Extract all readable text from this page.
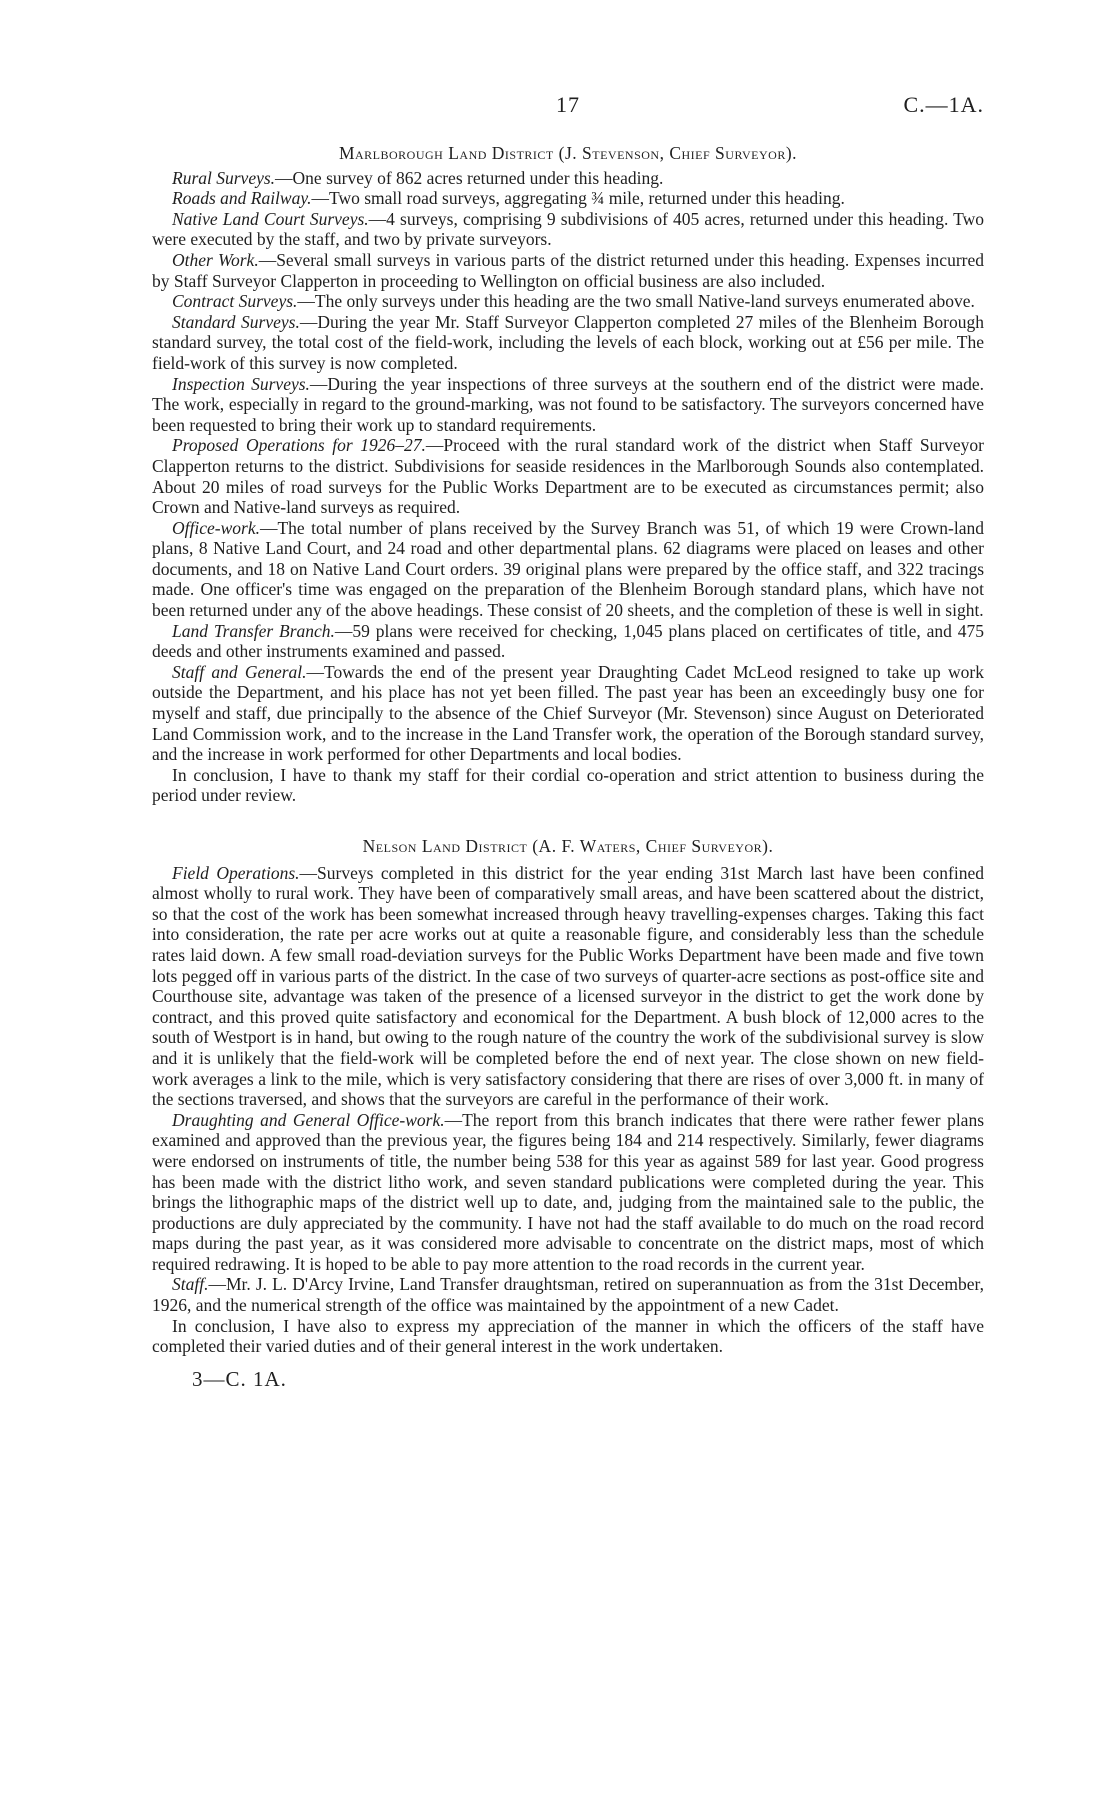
17	C.—1A.
Marlborough Land District (J. Stevenson, Chief Surveyor).

Rural Surveys.—One survey of 862 acres returned under this heading.

Roads and Railway.—Two small road surveys, aggregating ¾ mile, returned under this heading.

Native Land Court Surveys.—4 surveys, comprising 9 subdivisions of 405 acres, returned under this heading. Two were executed by the staff, and two by private surveyors.

Other Work.—Several small surveys in various parts of the district returned under this heading. Expenses incurred by Staff Surveyor Clapperton in proceeding to Wellington on official business are also included.

Contract Surveys.—The only surveys under this heading are the two small Native-land surveys enumerated above.

Standard Surveys.—During the year Mr. Staff Surveyor Clapperton completed 27 miles of the Blenheim Borough standard survey, the total cost of the field-work, including the levels of each block, working out at £56 per mile. The field-work of this survey is now completed.

Inspection Surveys.—During the year inspections of three surveys at the southern end of the district were made. The work, especially in regard to the ground-marking, was not found to be satisfactory. The surveyors concerned have been requested to bring their work up to standard requirements.

Proposed Operations for 1926–27.—Proceed with the rural standard work of the district when Staff Surveyor Clapperton returns to the district. Subdivisions for seaside residences in the Marlborough Sounds also contemplated. About 20 miles of road surveys for the Public Works Department are to be executed as circumstances permit; also Crown and Native-land surveys as required.

Office-work.—The total number of plans received by the Survey Branch was 51, of which 19 were Crown-land plans, 8 Native Land Court, and 24 road and other departmental plans. 62 diagrams were placed on leases and other documents, and 18 on Native Land Court orders. 39 original plans were prepared by the office staff, and 322 tracings made. One officer's time was engaged on the preparation of the Blenheim Borough standard plans, which have not been returned under any of the above headings. These consist of 20 sheets, and the completion of these is well in sight.

Land Transfer Branch.—59 plans were received for checking, 1,045 plans placed on certificates of title, and 475 deeds and other instruments examined and passed.

Staff and General.—Towards the end of the present year Draughting Cadet McLeod resigned to take up work outside the Department, and his place has not yet been filled. The past year has been an exceedingly busy one for myself and staff, due principally to the absence of the Chief Surveyor (Mr. Stevenson) since August on Deteriorated Land Commission work, and to the increase in the Land Transfer work, the operation of the Borough standard survey, and the increase in work performed for other Departments and local bodies.

In conclusion, I have to thank my staff for their cordial co-operation and strict attention to business during the period under review.

Nelson Land District (A. F. Waters, Chief Surveyor).

Field Operations.—Surveys completed in this district for the year ending 31st March last have been confined almost wholly to rural work. They have been of comparatively small areas, and have been scattered about the district, so that the cost of the work has been somewhat increased through heavy travelling-expenses charges. Taking this fact into consideration, the rate per acre works out at quite a reasonable figure, and considerably less than the schedule rates laid down. A few small road-deviation surveys for the Public Works Department have been made and five town lots pegged off in various parts of the district. In the case of two surveys of quarter-acre sections as post-office site and Courthouse site, advantage was taken of the presence of a licensed surveyor in the district to get the work done by contract, and this proved quite satisfactory and economical for the Department. A bush block of 12,000 acres to the south of Westport is in hand, but owing to the rough nature of the country the work of the subdivisional survey is slow and it is unlikely that the field-work will be completed before the end of next year. The close shown on new field-work averages a link to the mile, which is very satisfactory considering that there are rises of over 3,000 ft. in many of the sections traversed, and shows that the surveyors are careful in the performance of their work.

Draughting and General Office-work.—The report from this branch indicates that there were rather fewer plans examined and approved than the previous year, the figures being 184 and 214 respectively. Similarly, fewer diagrams were endorsed on instruments of title, the number being 538 for this year as against 589 for last year. Good progress has been made with the district litho work, and seven standard publications were completed during the year. This brings the lithographic maps of the district well up to date, and, judging from the maintained sale to the public, the productions are duly appreciated by the community. I have not had the staff available to do much on the road record maps during the past year, as it was considered more advisable to concentrate on the district maps, most of which required redrawing. It is hoped to be able to pay more attention to the road records in the current year.

Staff.—Mr. J. L. D'Arcy Irvine, Land Transfer draughtsman, retired on superannuation as from the 31st December, 1926, and the numerical strength of the office was maintained by the appointment of a new Cadet.

In conclusion, I have also to express my appreciation of the manner in which the officers of the staff have completed their varied duties and of their general interest in the work undertaken.

3—C. 1A.
